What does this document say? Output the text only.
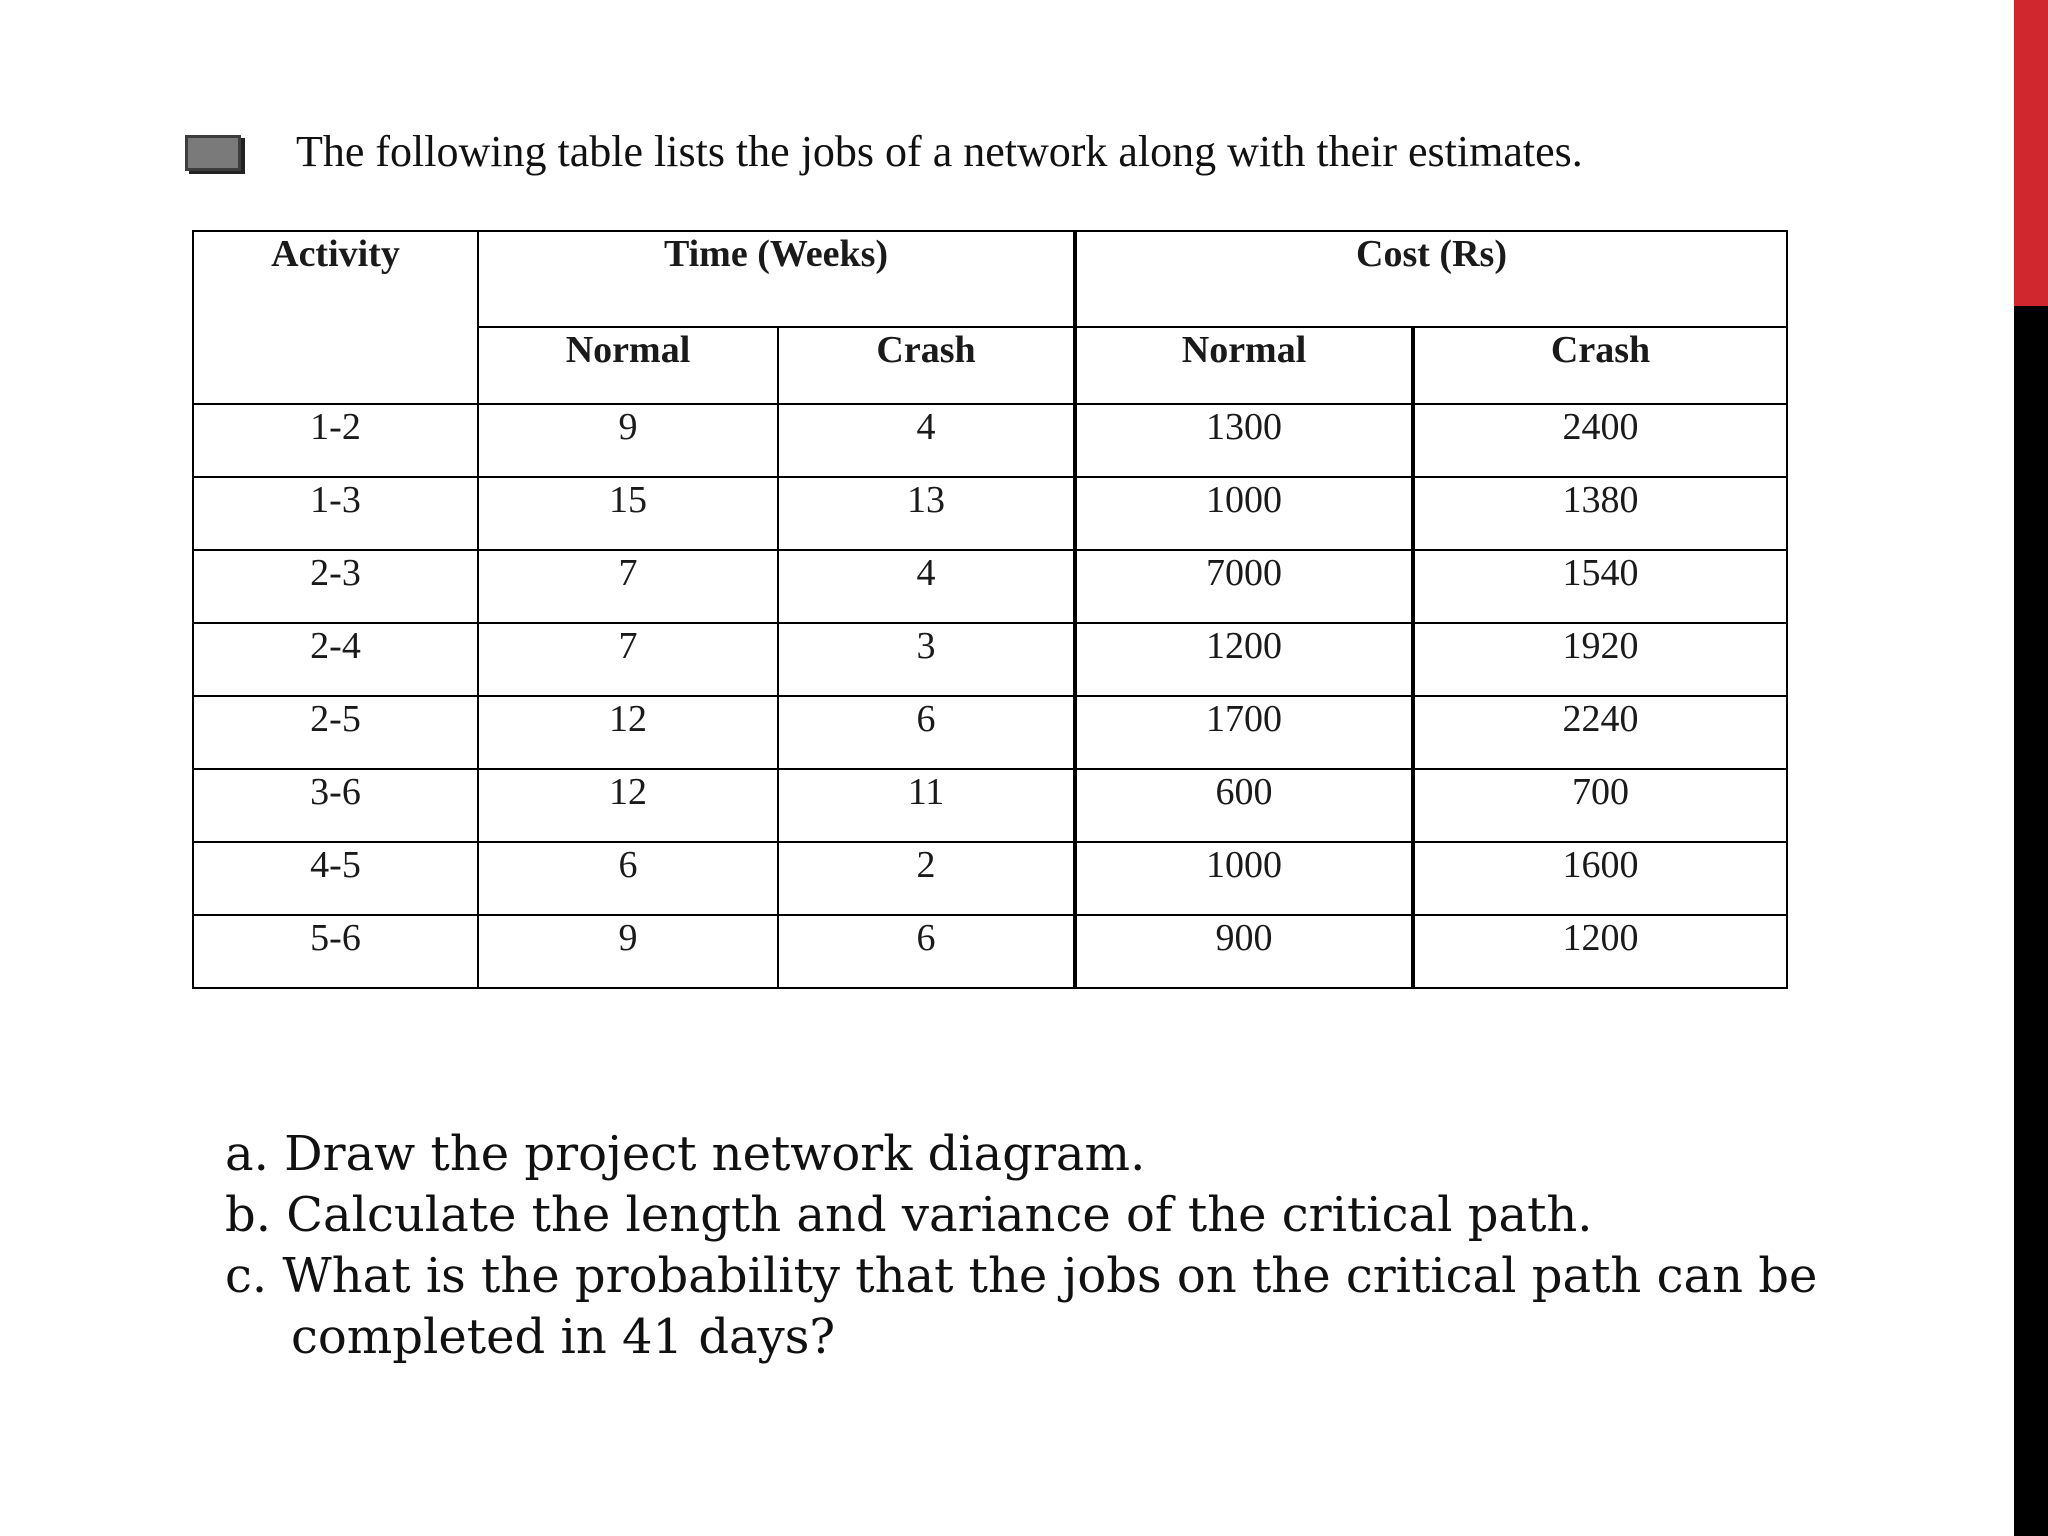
The following table lists the jobs of a network along with their estimates.
Activity	Time (Weeks)		Cost (Rs)	
	Normal	Crash	Normal	Crash
1-2	9	4	1300	2400
1-3	15	13	1000	1380
2-3	7	4	7000	1540
2-4	7	3	1200	1920
2-5	12	6	1700	2240
3-6	12	11	600	700
4-5	6	2	1000	1600
5-6	9	6	900	1200
a. Draw the project network diagram.
b. Calculate the length and variance of the critical path.
c. What is the probability that the jobs on the critical path can be
completed in 41 days?
